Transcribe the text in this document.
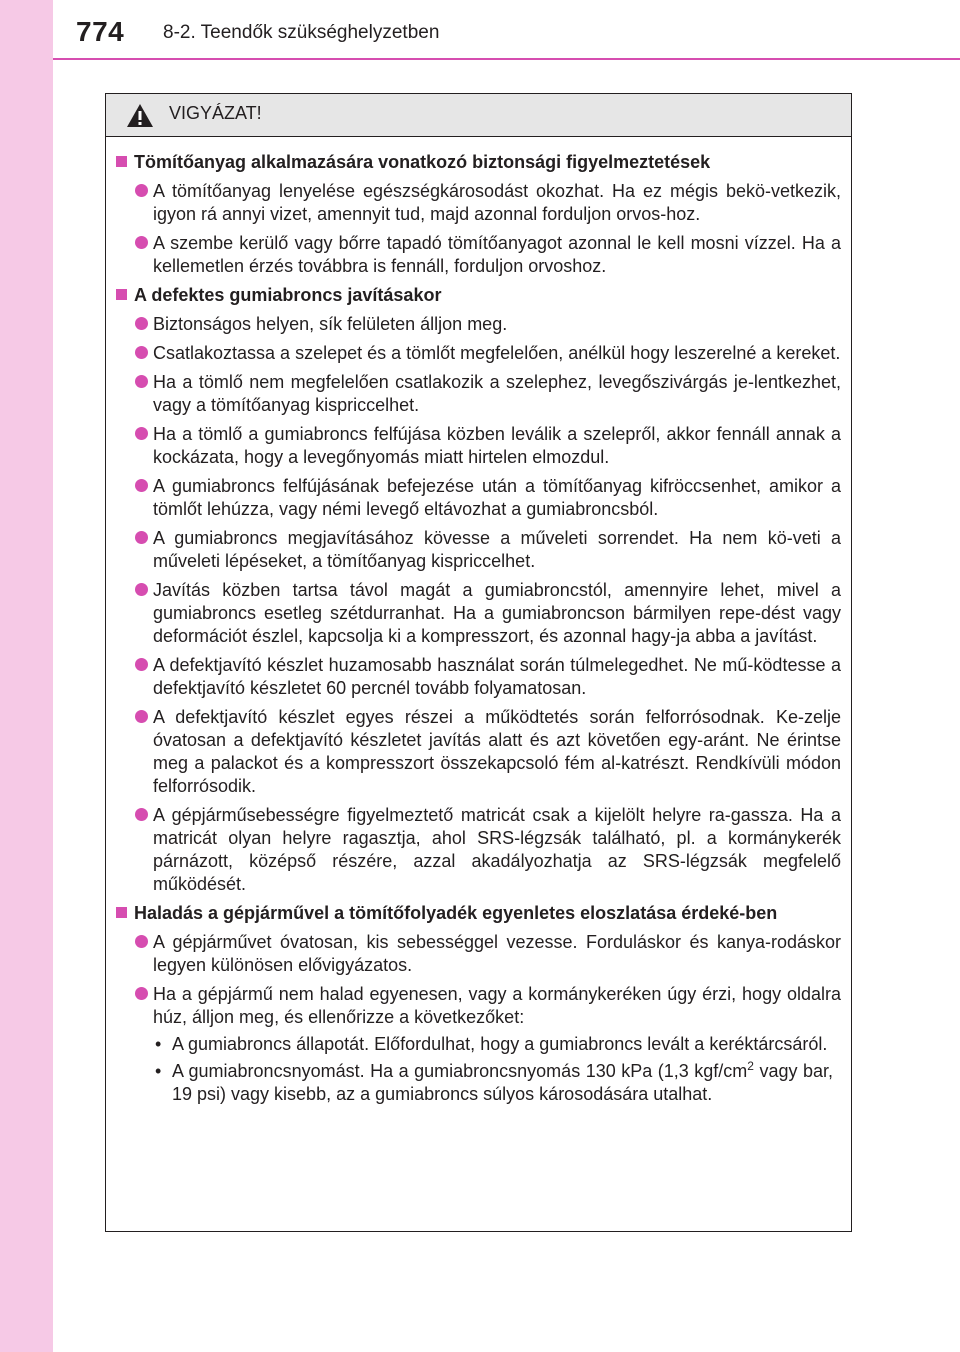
774 8-2. Teendők szükséghelyzetben
VIGYÁZAT!
Tömítőanyag alkalmazására vonatkozó biztonsági figyelmeztetések
A tömítőanyag lenyelése egészségkárosodást okozhat. Ha ez mégis bekö-vetkezik, igyon rá annyi vizet, amennyit tud, majd azonnal forduljon orvos-hoz.
A szembe kerülő vagy bőrre tapadó tömítőanyagot azonnal le kell mosni vízzel. Ha a kellemetlen érzés továbbra is fennáll, forduljon orvoshoz.
A defektes gumiabroncs javításakor
Biztonságos helyen, sík felületen álljon meg.
Csatlakoztassa a szelepet és a tömlőt megfelelően, anélkül hogy leszerelné a kereket.
Ha a tömlő nem megfelelően csatlakozik a szelephez, levegőszivárgás je-lentkezhet, vagy a tömítőanyag kispriccelhet.
Ha a tömlő a gumiabroncs felfújása közben leválik a szelepről, akkor fennáll annak a kockázata, hogy a levegőnyomás miatt hirtelen elmozdul.
A gumiabroncs felfújásának befejezése után a tömítőanyag kifröccsenhet, amikor a tömlőt lehúzza, vagy némi levegő eltávozhat a gumiabroncsból.
A gumiabroncs megjavításához kövesse a műveleti sorrendet. Ha nem kö-veti a műveleti lépéseket, a tömítőanyag kispriccelhet.
Javítás közben tartsa távol magát a gumiabroncstól, amennyire lehet, mivel a gumiabroncs esetleg szétdurranhat. Ha a gumiabroncson bármilyen repe-dést vagy deformációt észlel, kapcsolja ki a kompresszort, és azonnal hagy-ja abba a javítást.
A defektjavító készlet huzamosabb használat során túlmelegedhet. Ne mű-ködtesse a defektjavító készletet 60 percnél tovább folyamatosan.
A defektjavító készlet egyes részei a működtetés során felforrósodnak. Ke-zelje óvatosan a defektjavító készletet javítás alatt és azt követően egy-aránt. Ne érintse meg a palackot és a kompresszort összekapcsoló fém al-katrészt. Rendkívüli módon felforrósodik.
A gépjárműsebességre figyelmeztető matricát csak a kijelölt helyre ra-gassza. Ha a matricát olyan helyre ragasztja, ahol SRS-légzsák található, pl. a kormánykerék párnázott, középső részére, azzal akadályozhatja az SRS-légzsák megfelelő működését.
Haladás a gépjárművel a tömítőfolyadék egyenletes eloszlatása érdeké-ben
A gépjárművet óvatosan, kis sebességgel vezesse. Forduláskor és kanya-rodáskor legyen különösen elővigyázatos.
Ha a gépjármű nem halad egyenesen, vagy a kormánykeréken úgy érzi, hogy oldalra húz, álljon meg, és ellenőrizze a következőket:
• A gumiabroncs állapotát. Előfordulhat, hogy a gumiabroncs levált a keréktárcsáról.
• A gumiabroncsnyomást. Ha a gumiabroncsnyomás 130 kPa (1,3 kgf/$cm^2$ vagy bar, 19 psi) vagy kisebb, az a gumiabroncs súlyos károsodására utalhat.
